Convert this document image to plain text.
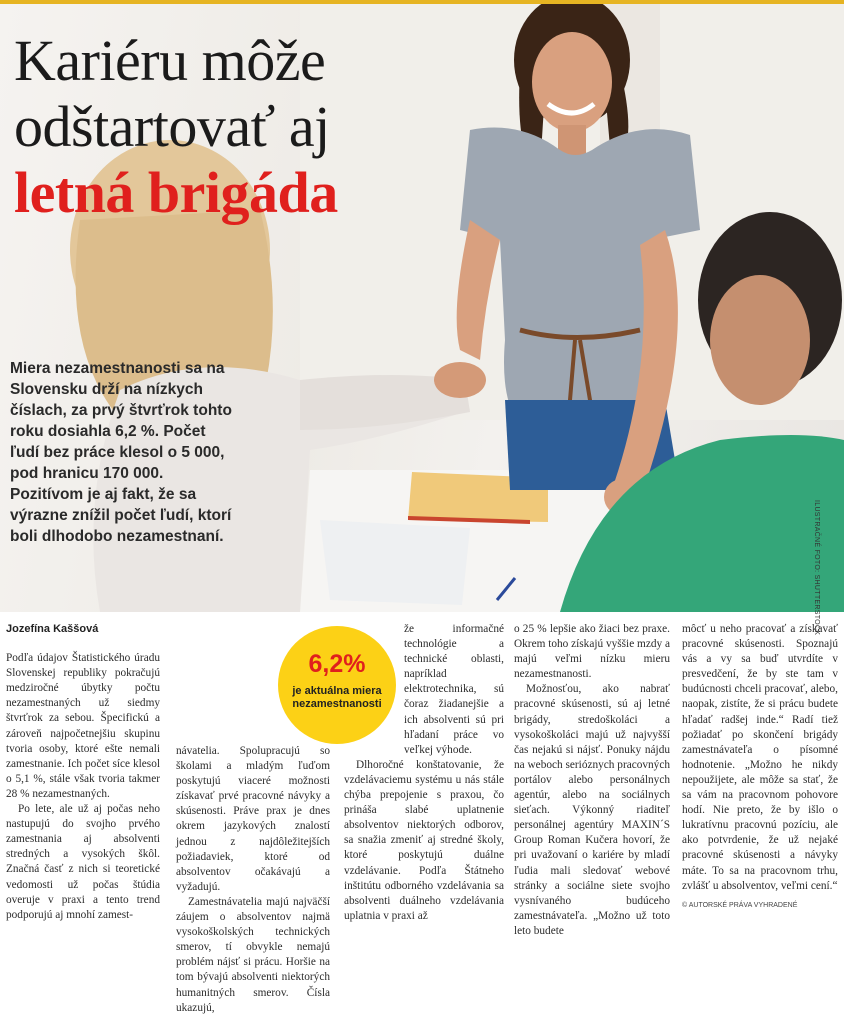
Kariéru môže
odštartovať aj
letná brigáda

Miera nezamestnanosti sa na Slovensku drží na nízkych číslach, za prvý štvrťrok tohto roku dosiahla 6,2 %. Počet ľudí bez práce klesol o 5 000, pod hranicu 170 000. Pozitívom je aj fakt, že sa výrazne znížil počet ľudí, ktorí boli dlhodobo nezamestnaní.	ILUSTRAČNÉ FOTO: SHUTTERSTOCK
6,2%
je aktuálna miera nezamestnanosti
Jozefína Kaššová

Podľa údajov Štatistického úradu Slovenskej republiky pokračujú medziročné úbytky počtu nezamestnaných už siedmy štvrťrok za sebou. Špecifickú a zároveň najpočetnejšiu skupinu tvoria osoby, ktoré ešte nemali zamestnanie. Ich počet síce klesol o 5,1 %, stále však tvoria takmer 28 % nezamestnaných.

Po lete, ale už aj počas neho nastupujú do svojho prvého zamestnania aj absolventi stredných a vysokých škôl. Značná časť z nich si teoretické vedomosti už počas štúdia overuje v praxi a tento trend podporujú aj mnohí zamest-

návatelia. Spolupracujú so školami a mladým ľuďom poskytujú viaceré možnosti získavať prvé pracovné návyky a skúsenosti. Práve prax je dnes okrem jazykových znalostí jednou z najdôležitejších požiadaviek, ktoré od absolventov očakávajú a vyžadujú.

Zamestnávatelia majú najväčší záujem o absolventov najmä vysokoškolských technických smerov, tí obvykle nemajú problém nájsť si prácu. Horšie na tom bývajú absolventi niektorých humanitných smerov. Čísla ukazujú,

že informačné technológie a technické oblasti, napríklad elektrotechnika, sú čoraz žiadanejšie a ich absolventi sú pri hľadaní práce vo veľkej výhode.

Dlhoročné konštatovanie, že vzdelávaciemu systému u nás stále chýba prepojenie s praxou, čo prináša slabé uplatnenie absolventov niektorých odborov, sa snažia zmeniť aj stredné školy, ktoré poskytujú duálne vzdelávanie. Podľa Štátneho inštitútu odborného vzdelávania sa absolventi duálneho vzdelávania uplatnia v praxi až

o 25 % lepšie ako žiaci bez praxe. Okrem toho získajú vyššie mzdy a majú veľmi nízku mieru nezamestnanosti.

Možnosťou, ako nabrať pracovné skúsenosti, sú aj letné brigády, stredoškoláci a vysokoškoláci majú už najvyšší čas nejakú si nájsť. Ponuky nájdu na weboch serióznych pracovných portálov alebo personálnych agentúr, alebo na sociálnych sieťach. Výkonný riaditeľ personálnej agentúry MAXIN´S Group Roman Kučera hovorí, že pri uvažovaní o kariére by mladí ľudia mali sledovať webové stránky a sociálne siete svojho vysnívaného budúceho zamestnávateľa. „Možno už toto leto budete

môcť u neho pracovať a získavať pracovné skúsenosti. Spoznajú vás a vy sa buď utvrdíte v presvedčení, že by ste tam v budúcnosti chceli pracovať, alebo, naopak, zistíte, že si prácu budete hľadať radšej inde.“ Radí tiež požiadať po skončení brigády zamestnávateľa o písomné hodnotenie. „Možno he nikdy nepoužijete, ale môže sa stať, že sa vám na pracovnom pohovore hodí. Nie preto, že by išlo o lukratívnu pracovnú pozíciu, ale ako potvrdenie, že už nejaké pracovné skúsenosti a návyky máte. To sa na pracovnom trhu, zvlášť u absolventov, veľmi cení.“

© AUTORSKÉ PRÁVA VYHRADENÉ
